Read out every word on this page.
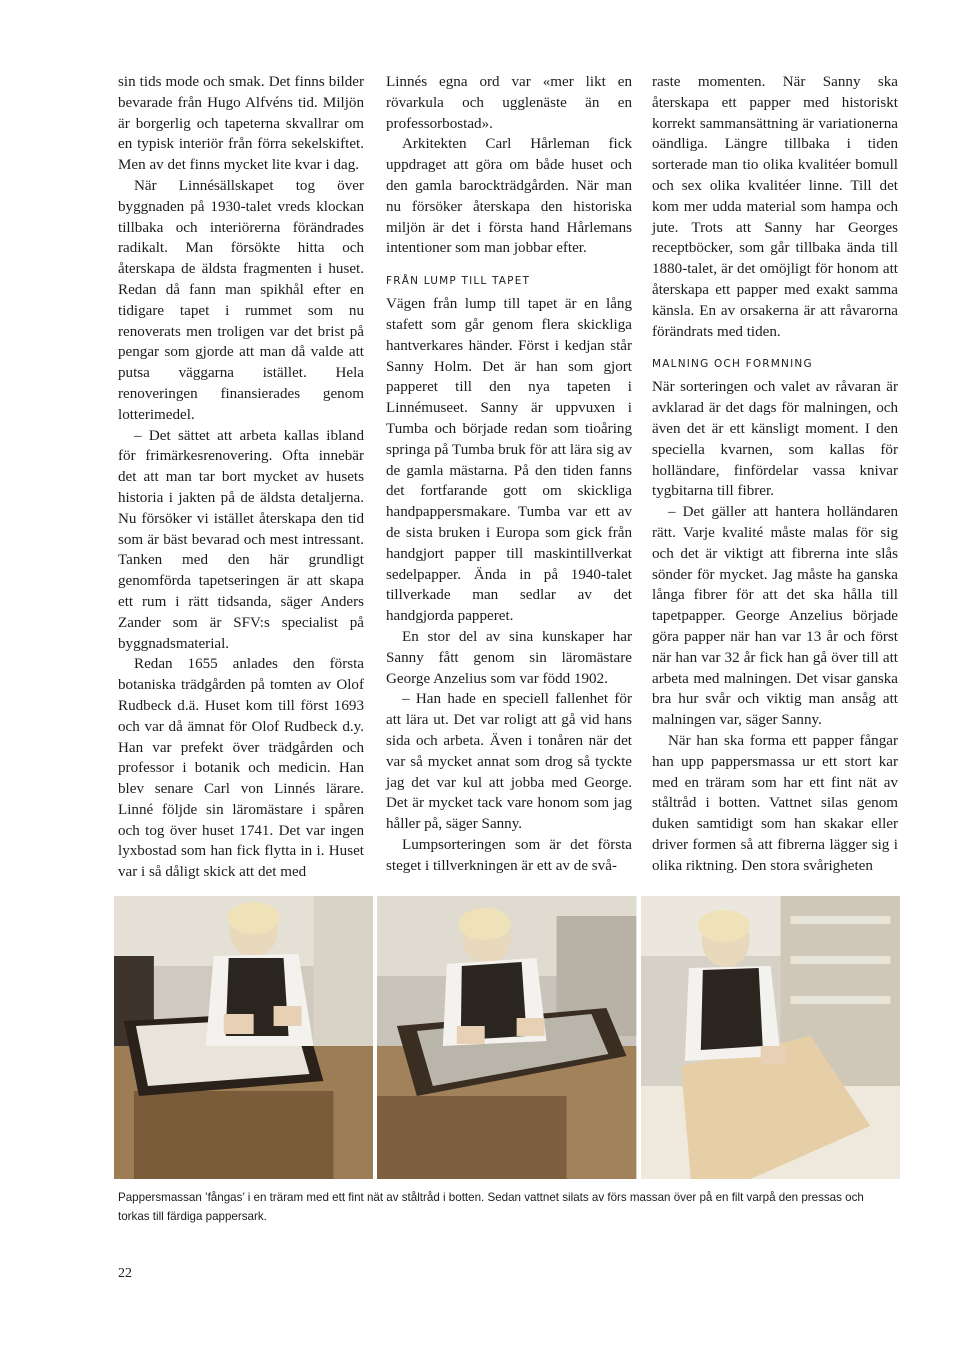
sin tids mode och smak. Det finns bilder bevarade från Hugo Alfvéns tid. Miljön är borgerlig och tapeterna skvallrar om en typisk interiör från förra sekelskiftet. Men av det finns mycket lite kvar i dag.

När Linnésällskapet tog över byggnaden på 1930-talet vreds klockan tillbaka och interiörerna förändrades radikalt. Man försökte hitta och återskapa de äldsta fragmenten i huset. Redan då fann man spikhål efter en tidigare tapet i rummet som nu renoverats men troligen var det brist på pengar som gjorde att man då valde att putsa väggarna istället. Hela renoveringen finansierades genom lotterimedel.

– Det sättet att arbeta kallas ibland för frimärkesrenovering. Ofta innebär det att man tar bort mycket av husets historia i jakten på de äldsta detaljerna. Nu försöker vi istället återskapa den tid som är bäst bevarad och mest intressant. Tanken med den här grundligt genomförda tapetseringen är att skapa ett rum i rätt tidsanda, säger Anders Zander som är SFV:s specialist på byggnadsmaterial.

Redan 1655 anlades den första botaniska trädgården på tomten av Olof Rudbeck d.ä. Huset kom till först 1693 och var då ämnat för Olof Rudbeck d.y. Han var prefekt över trädgården och professor i botanik och medicin. Han blev senare Carl von Linnés lärare. Linné följde sin läromästare i spåren och tog över huset 1741. Det var ingen lyxbostad som han fick flytta in i. Huset var i så dåligt skick att det med

Linnés egna ord var «mer likt en rövarkula och ugglenäste än en professorbostad».

Arkitekten Carl Hårleman fick uppdraget att göra om både huset och den gamla barockträdgården. När man nu försöker återskapa den historiska miljön är det i första hand Hårlemans intentioner som man jobbar efter.

FRÅN LUMP TILL TAPET

Vägen från lump till tapet är en lång stafett som går genom flera skickliga hantverkares händer. Först i kedjan står Sanny Holm. Det är han som gjort papperet till den nya tapeten i Linnémuseet. Sanny är uppvuxen i Tumba och började redan som tioåring springa på Tumba bruk för att lära sig av de gamla mästarna. På den tiden fanns det fortfarande gott om skickliga handpappersmakare. Tumba var ett av de sista bruken i Europa som gick från handgjort papper till maskintillverkat sedelpapper. Ända in på 1940-talet tillverkade man sedlar av det handgjorda papperet.

En stor del av sina kunskaper har Sanny fått genom sin läromästare George Anzelius som var född 1902.

– Han hade en speciell fallenhet för att lära ut. Det var roligt att gå vid hans sida och arbeta. Även i tonåren när det var så mycket annat som drog så tyckte jag det var kul att jobba med George. Det är mycket tack vare honom som jag håller på, säger Sanny.

Lumpsorteringen som är det första steget i tillverkningen är ett av de svå-

raste momenten. När Sanny ska återskapa ett papper med historiskt korrekt sammansättning är variationerna oändliga. Längre tillbaka i tiden sorterade man tio olika kvalitéer bomull och sex olika kvalitéer linne. Till det kom mer udda material som hampa och jute. Trots att Sanny har Georges receptböcker, som går tillbaka ända till 1880-talet, är det omöjligt för honom att återskapa ett papper med exakt samma känsla. En av orsakerna är att råvarorna förändrats med tiden.

MALNING OCH FORMNING

När sorteringen och valet av råvaran är avklarad är det dags för malningen, och även det är ett känsligt moment. I den speciella kvarnen, som kallas för holländare, finfördelar vassa knivar tygbitarna till fibrer.

– Det gäller att hantera holländaren rätt. Varje kvalité måste malas för sig och det är viktigt att fibrerna inte slås sönder för mycket. Jag måste ha ganska långa fibrer för att det ska hålla till tapetpapper. George Anzelius började göra papper när han var 13 år och först när han var 32 år fick han gå över till att arbeta med malningen. Det visar ganska bra hur svår och viktig man ansåg att malningen var, säger Sanny.

När han ska forma ett papper fångar han upp pappersmassa ur ett stort kar med en träram som har ett fint nät av ståltråd i botten. Vattnet silas genom duken samtidigt som han skakar eller driver formen så att fibrerna lägger sig i olika riktning. Den stora svårigheten

Pappersmassan ’fångas’ i en träram med ett fint nät av ståltråd i botten. Sedan vattnet silats av förs massan över på en filt varpå den pressas och torkas till färdiga pappersark.
22
